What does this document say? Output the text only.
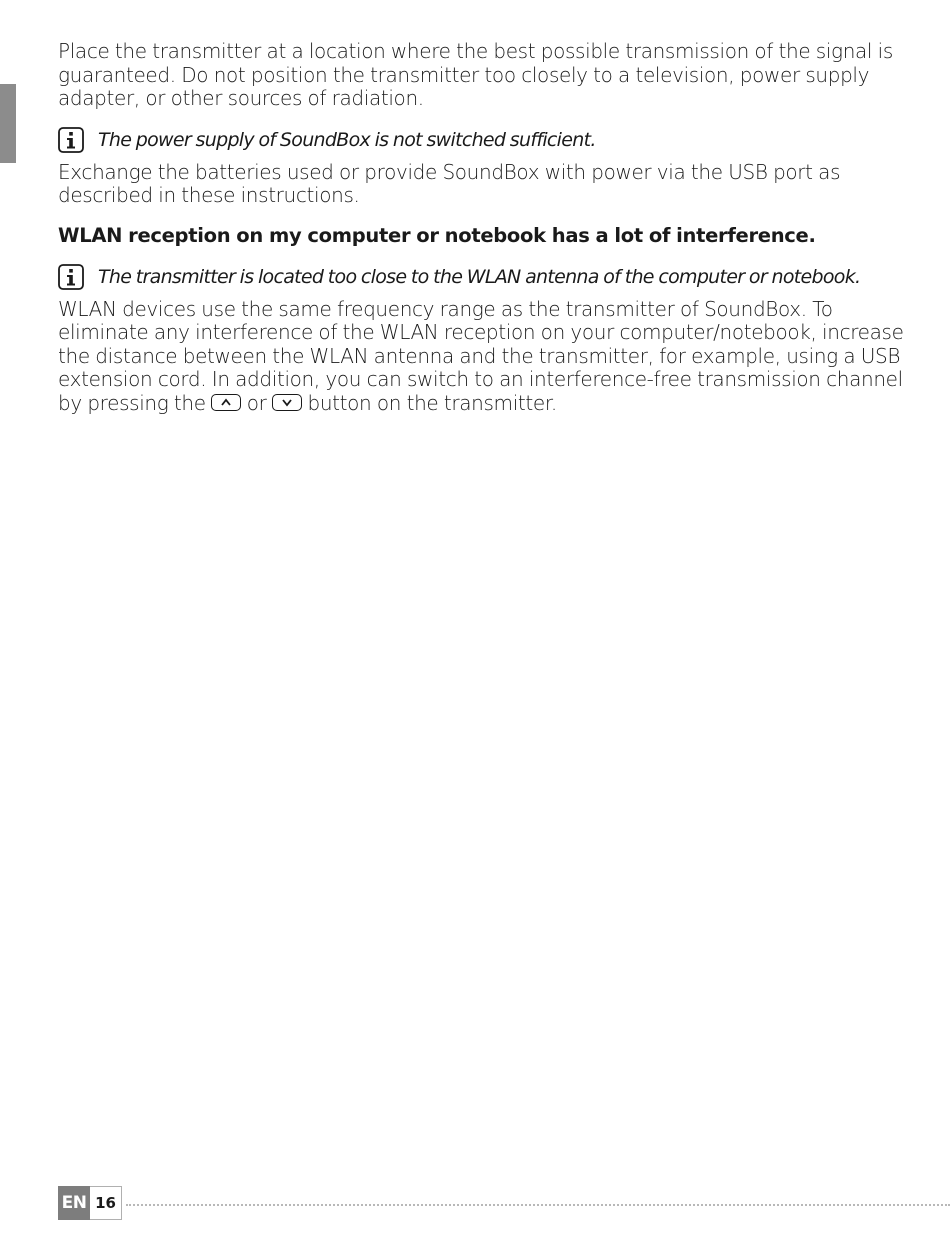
Place the transmitter at a location where the best possible transmission of the signal is guaranteed. Do not position the transmitter too closely to a television, power supply adapter, or other sources of radiation.

The power supply of SoundBox is not switched sufficient.

Exchange the batteries used or provide SoundBox with power via the USB port as described in these instructions.

WLAN reception on my computer or notebook has a lot of interference.

The transmitter is located too close to the WLAN antenna of the computer or notebook.

WLAN devices use the same frequency range as the transmitter of SoundBox. To eliminate any interference of the WLAN reception on your computer/notebook, increase the distance between the WLAN antenna and the transmitter, for example, using a USB extension cord. In addition, you can switch to an interference-free transmission channel by pressing the or button on the transmitter.

EN 16
